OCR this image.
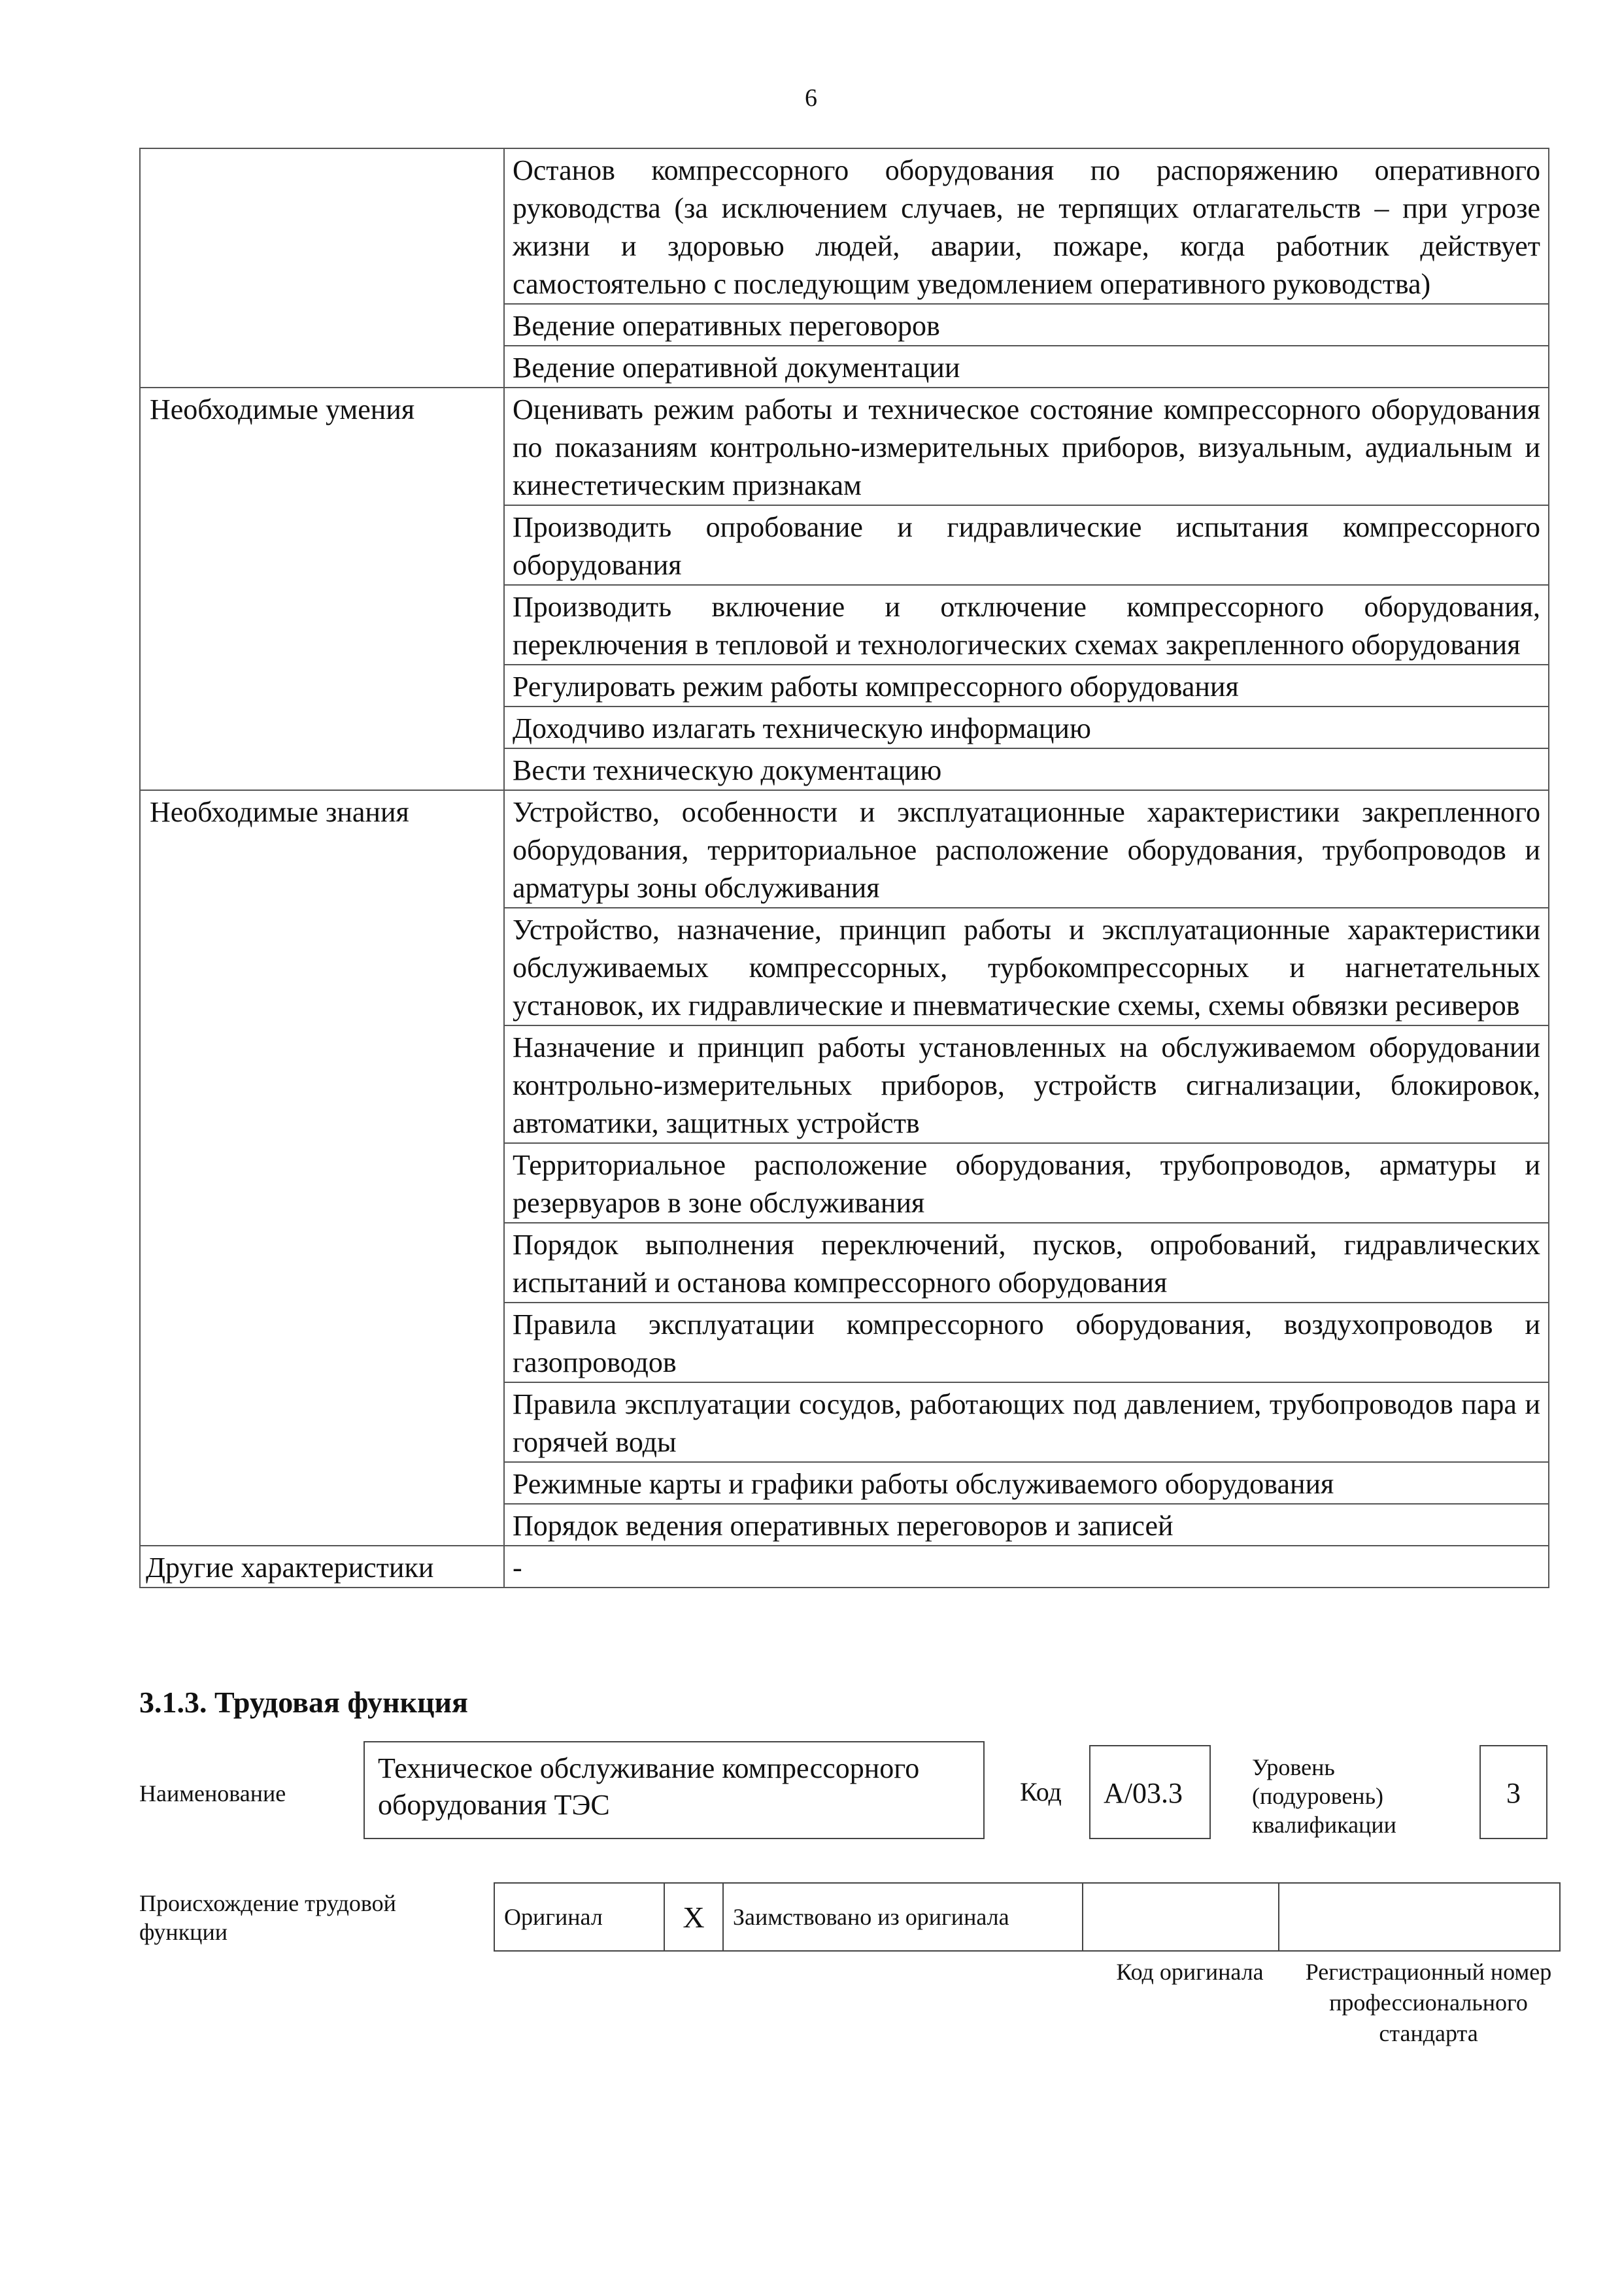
6
	Останов компрессорного оборудования по распоряжению оперативного руководства (за исключением случаев, не терпящих отлагательств – при угрозе жизни и здоровью людей, аварии, пожаре, когда работник действует самостоятельно с последующим уведомлением оперативного руководства)
	Ведение оперативных переговоров
	Ведение оперативной документации
Необходимые умения	Оценивать режим работы и техническое состояние компрессорного оборудования по показаниям контрольно-измерительных приборов, визуальным, аудиальным и кинестетическим признакам
	Производить опробование и гидравлические испытания компрессорного оборудования
	Производить включение и отключение компрессорного оборудования, переключения в тепловой и технологических схемах закрепленного оборудования
	Регулировать режим работы компрессорного оборудования
	Доходчиво излагать техническую информацию
	Вести техническую документацию
Необходимые знания	Устройство, особенности и эксплуатационные характеристики закрепленного оборудования, территориальное расположение оборудования, трубопроводов и арматуры зоны обслуживания
	Устройство, назначение, принцип работы и эксплуатационные характеристики обслуживаемых компрессорных, турбокомпрессорных и нагнетательных установок, их гидравлические и пневматические схемы, схемы обвязки ресиверов
	Назначение и принцип работы установленных на обслуживаемом оборудовании контрольно-измерительных приборов, устройств сигнализации, блокировок, автоматики, защитных устройств
	Территориальное расположение оборудования, трубопроводов, арматуры и резервуаров в зоне обслуживания
	Порядок выполнения переключений, пусков, опробований, гидравлических испытаний и останова компрессорного оборудования
	Правила эксплуатации компрессорного оборудования, воздухопроводов и газопроводов
	Правила эксплуатации сосудов, работающих под давлением, трубопроводов пара и горячей воды
	Режимные карты и графики работы обслуживаемого оборудования
	Порядок ведения оперативных переговоров и записей
Другие характеристики	-
3.1.3. Трудовая функция
Наименование
Техническое обслуживание компрессорного оборудования ТЭС	Код	А/03.3
Уровень (подуровень) квалификации
3
Происхождение трудовой функции
Оригинал	X	Заимствовано из оригинала		
Код оригинала	Регистрационный номер профессионального стандарта
